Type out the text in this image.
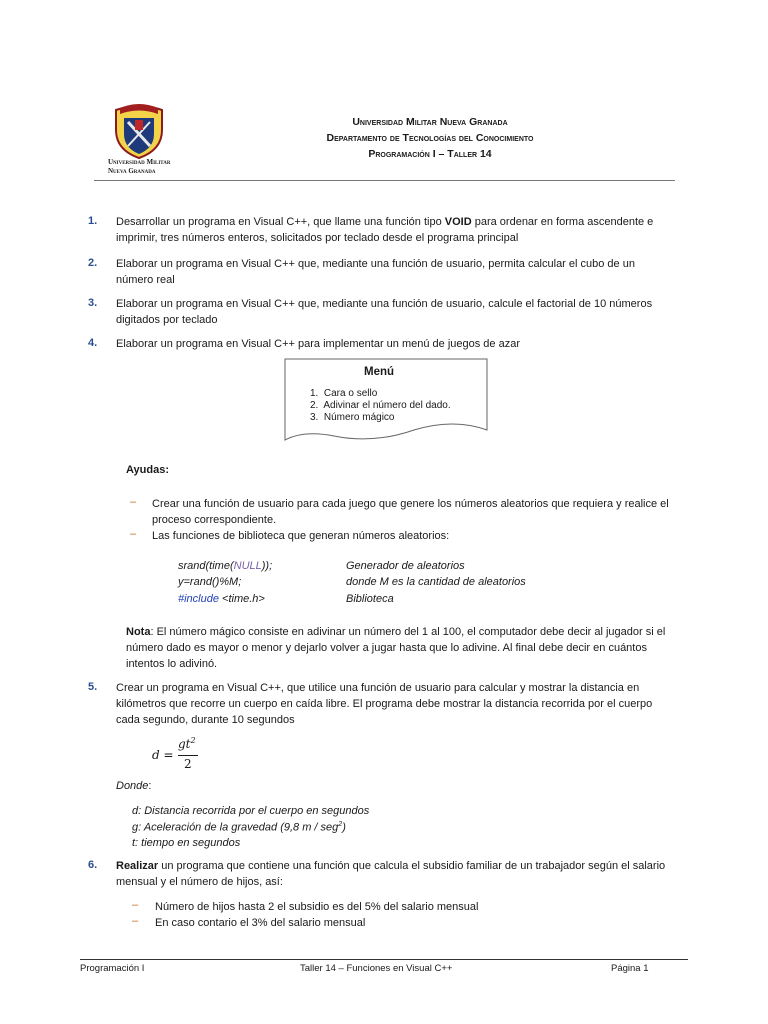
Universidad Militar
Nueva Granada
Universidad Militar Nueva Granada
Departamento de Tecnologías del Conocimiento
Programación I – Taller 14
1. Desarrollar un programa en Visual C++, que llame una función tipo VOID para ordenar en forma ascendente e
imprimir, tres números enteros, solicitados por teclado desde el programa principal
2. Elaborar un programa en Visual C++ que, mediante una función de usuario, permita calcular el cubo de un
número real
3. Elaborar un programa en Visual C++ que, mediante una función de usuario, calcule el factorial de 10 números
digitados por teclado
4. Elaborar un programa en Visual C++ para implementar un menú de juegos de azar
Menú
1.  Cara o sello
2.  Adivinar el número del dado.
3.  Número mágico
Ayudas:
– Crear una función de usuario para cada juego que genere los números aleatorios que requiera y realice el
proceso correspondiente.
– Las funciones de biblioteca que generan números aleatorios:
srand(time(NULL));	Generador de aleatorios
y=rand()%M;	donde M es la cantidad de aleatorios
#include <time.h>	Biblioteca
Nota: El número mágico consiste en adivinar un número del 1 al 100, el computador debe decir al jugador si el
número dado es mayor o menor y dejarlo volver a jugar hasta que lo adivine. Al final debe decir en cuántos
intentos lo adivinó.
5. Crear un programa en Visual C++, que utilice una función de usuario para calcular y mostrar la distancia en
kilómetros que recorre un cuerpo en caída libre. El programa debe mostrar la distancia recorrida por el cuerpo
cada segundo, durante 10 segundos
d =
$gt^2$
2
Donde:
d: Distancia recorrida por el cuerpo en segundos
g: Aceleración de la gravedad (9,8 m / seg$^2$)
t: tiempo en segundos
6. Realizar un programa que contiene una función que calcula el subsidio familiar de un trabajador según el salario
mensual y el número de hijos, así:
– Número de hijos hasta 2 el subsidio es del 5% del salario mensual
– En caso contario el 3% del salario mensual
Programación I	Taller 14 – Funciones en Visual C++	Página 1
